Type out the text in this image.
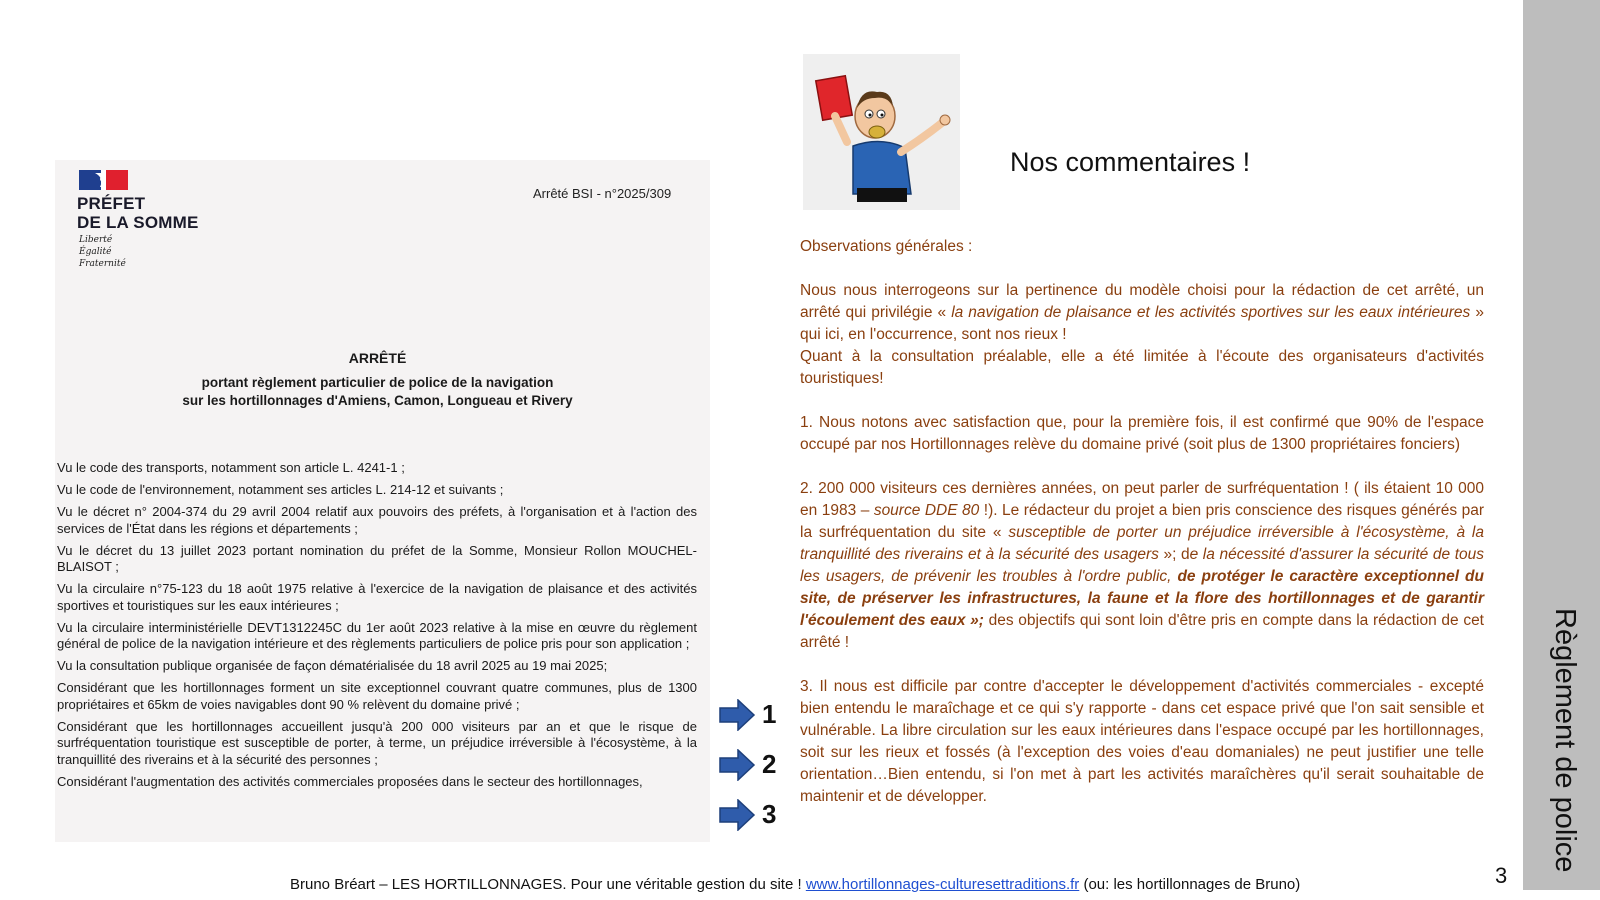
PRÉFET
DE LA SOMME
Liberté
Égalité
Fraternité
Arrêté BSI - n°2025/309
ARRÊTÉ
portant règlement particulier de police de la navigation
sur les hortillonnages d'Amiens, Camon, Longueau et Rivery

Vu le code des transports, notamment son article L. 4241-1 ;

Vu le code de l'environnement, notamment ses articles L. 214-12 et suivants ;

Vu le décret n° 2004-374 du 29 avril 2004 relatif aux pouvoirs des préfets, à l'organisation et à l'action des services de l'État dans les régions et départements ;

Vu le décret du 13 juillet 2023 portant nomination du préfet de la Somme, Monsieur Rollon MOUCHEL-BLAISOT ;

Vu la circulaire n°75-123 du 18 août 1975 relative à l'exercice de la navigation de plaisance et des activités sportives et touristiques sur les eaux intérieures ;

Vu la circulaire interministérielle DEVT1312245C du 1er août 2023 relative à la mise en œuvre du règlement général de police de la navigation intérieure et des règlements particuliers de police pris pour son application ;

Vu la consultation publique organisée de façon dématérialisée du 18 avril 2025 au 19 mai 2025;

Considérant que les hortillonnages forment un site exceptionnel couvrant quatre communes, plus de 1300 propriétaires et 65km de voies navigables dont 90 % relèvent du domaine privé ;

Considérant que les hortillonnages accueillent jusqu'à 200 000 visiteurs par an et que le risque de surfréquentation touristique est susceptible de porter, à terme, un préjudice irréversible à l'écosystème, à la tranquillité des riverains et à la sécurité des personnes ;

Considérant l'augmentation des activités commerciales proposées dans le secteur des hortillonnages,

1
2
3
Nos commentaires !

Observations générales :

Nous nous interrogeons sur la pertinence du modèle choisi pour la rédaction de cet arrêté, un arrêté qui privilégie « la navigation de plaisance et les activités sportives sur les eaux intérieures » qui ici, en l'occurrence, sont nos rieux !

Quant à la consultation préalable, elle a été limitée à l'écoute des organisateurs d'activités touristiques!

1. Nous notons avec satisfaction que, pour la première fois, il est confirmé que 90% de l'espace occupé par nos Hortillonnages relève du domaine privé (soit plus de 1300 propriétaires fonciers)

2. 200 000 visiteurs ces dernières années, on peut parler de surfréquentation ! ( ils étaient 10 000 en 1983 – source DDE 80 !). Le rédacteur du projet a bien pris conscience des risques générés par la surfréquentation du site « susceptible de porter un préjudice irréversible à l'écosystème, à la tranquillité des riverains et à la sécurité des usagers »; de la nécessité d'assurer la sécurité de tous les usagers, de prévenir les troubles à l'ordre public, de protéger le caractère exceptionnel du site, de préserver les infrastructures, la faune et la flore des hortillonnages et de garantir l'écoulement des eaux »; des objectifs qui sont loin d'être pris en compte dans la rédaction de cet arrêté !

3. Il nous est difficile par contre d'accepter le développement d'activités commerciales - excepté bien entendu le maraîchage et ce qui s'y rapporte - dans cet espace privé que l'on sait sensible et vulnérable. La libre circulation sur les eaux intérieures dans l'espace occupé par les hortillonnages, soit sur les rieux et fossés (à l'exception des voies d'eau domaniales) ne peut justifier une telle orientation…Bien entendu, si l'on met à part les activités maraîchères qu'il serait souhaitable de maintenir et de développer.	Règlement de police
3
Bruno Bréart – LES HORTILLONNAGES. Pour une véritable gestion du site ! www.hortillonnages-culturesettraditions.fr (ou: les hortillonnages de Bruno)
